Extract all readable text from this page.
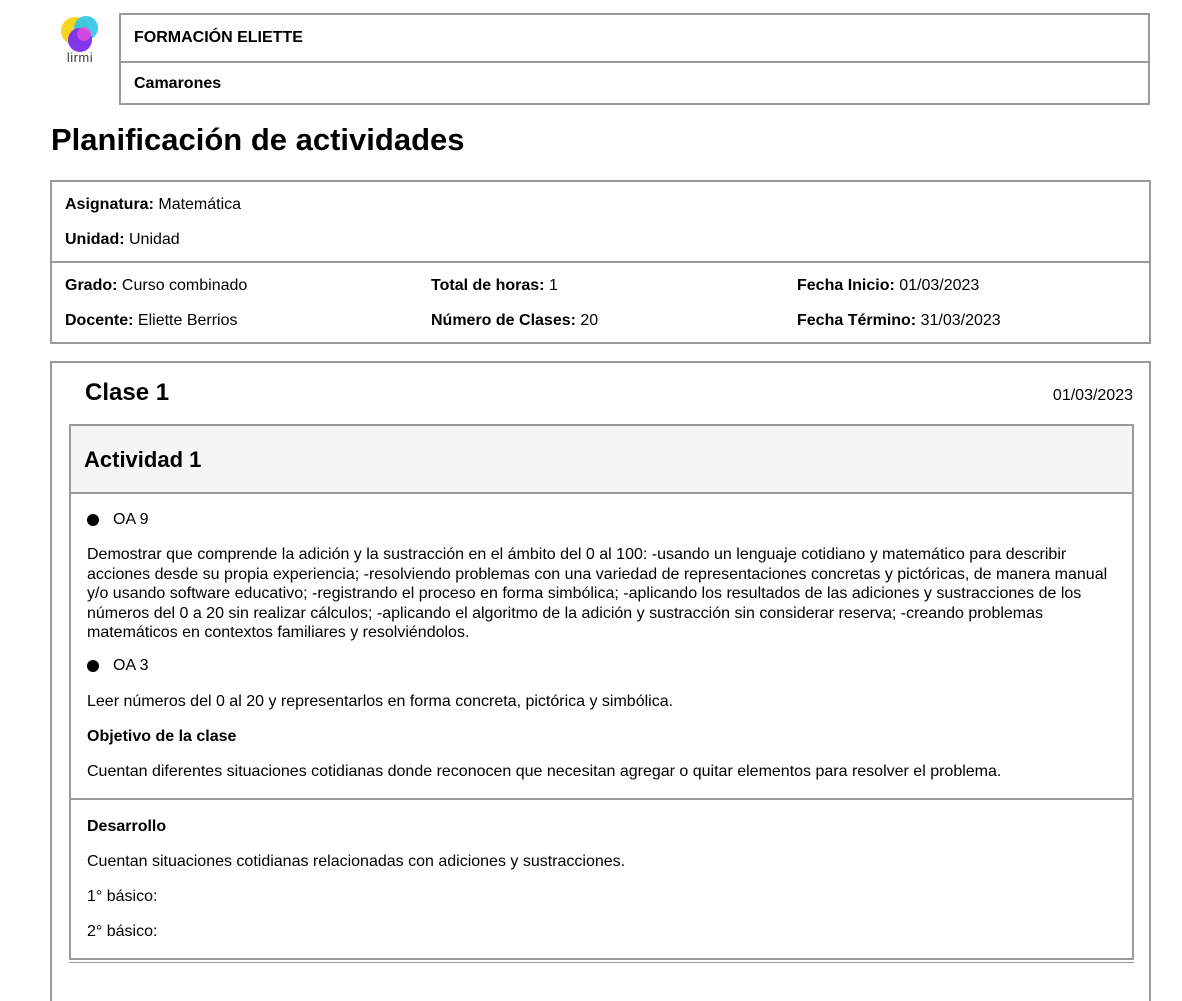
lirmi
FORMACIÓN ELIETTE
Camarones
Planificación de actividades
Asignatura: Matemática
Unidad: Unidad
Grado: Curso combinado
Docente: Eliette Berrios
Total de horas: 1
Número de Clases: 20
Fecha Inicio: 01/03/2023
Fecha Término: 31/03/2023
Clase 1	01/03/2023
Actividad 1
OA 9

Demostrar que comprende la adición y la sustracción en el ámbito del 0 al 100: -usando un lenguaje cotidiano y matemático para describir acciones desde su propia experiencia; -resolviendo problemas con una variedad de representaciones concretas y pictóricas, de manera manual y/o usando software educativo; -registrando el proceso en forma simbólica; -aplicando los resultados de las adiciones y sustracciones de los números del 0 a 20 sin realizar cálculos; -aplicando el algoritmo de la adición y sustracción sin considerar reserva; -creando problemas matemáticos en contextos familiares y resolviéndolos.

OA 3

Leer números del 0 al 20 y representarlos en forma concreta, pictórica y simbólica.

Objetivo de la clase

Cuentan diferentes situaciones cotidianas donde reconocen que necesitan agregar o quitar elementos para resolver el problema.

Desarrollo

Cuentan situaciones cotidianas relacionadas con adiciones y sustracciones.

1° básico:

2° básico:
